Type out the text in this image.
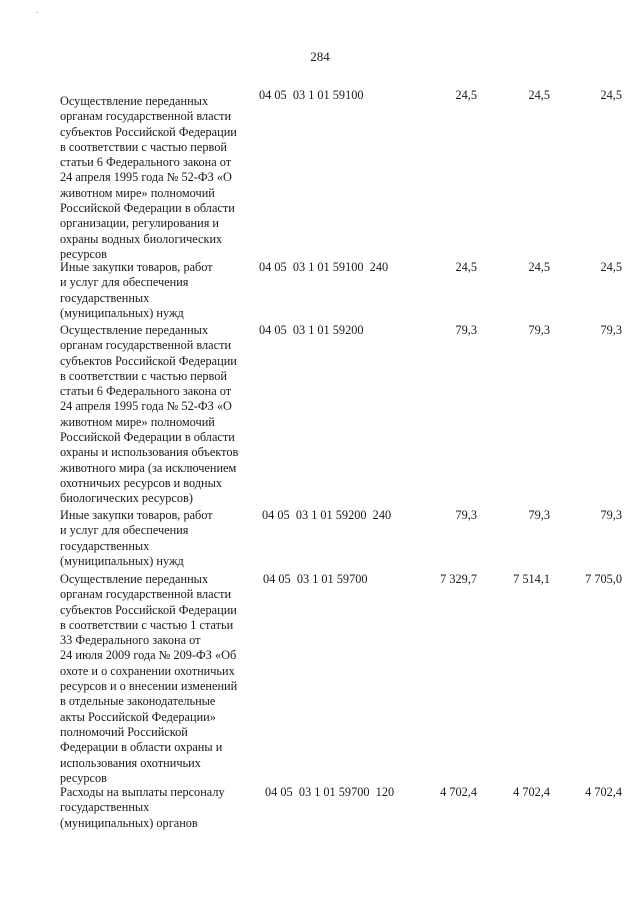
.
284
Осуществление переданных
органам государственной власти
субъектов Российской Федерации
в соответствии с частью первой
статьи 6 Федерального закона от
24 апреля 1995 года № 52-ФЗ «О
животном мире» полномочий
Российской Федерации в области
организации, регулирования и
охраны водных биологических
ресурсов
04 05  03 1 01 59100	24,5	24,5	24,5
Иные закупки товаров, работ
и услуг для обеспечения
государственных
(муниципальных) нужд
04 05  03 1 01 59100  240	24,5	24,5	24,5
Осуществление переданных
органам государственной власти
субъектов Российской Федерации
в соответствии с частью первой
статьи 6 Федерального закона от
24 апреля 1995 года № 52-ФЗ «О
животном мире» полномочий
Российской Федерации в области
охраны и использования объектов
животного мира (за исключением
охотничьих ресурсов и водных
биологических ресурсов)
04 05  03 1 01 59200	79,3	79,3	79,3
Иные закупки товаров, работ
и услуг для обеспечения
государственных
(муниципальных) нужд
04 05  03 1 01 59200  240	79,3	79,3	79,3
Осуществление переданных
органам государственной власти
субъектов Российской Федерации
в соответствии с частью 1 статьи
33 Федерального закона от
24 июля 2009 года № 209-ФЗ «Об
охоте и о сохранении охотничьих
ресурсов и о внесении изменений
в отдельные законодательные
акты Российской Федерации»
полномочий Российской
Федерации в области охраны и
использования охотничьих
ресурсов
04 05  03 1 01 59700	7 329,7	7 514,1	7 705,0
Расходы на выплаты персоналу
государственных
(муниципальных) органов
04 05  03 1 01 59700  120	4 702,4	4 702,4	4 702,4
